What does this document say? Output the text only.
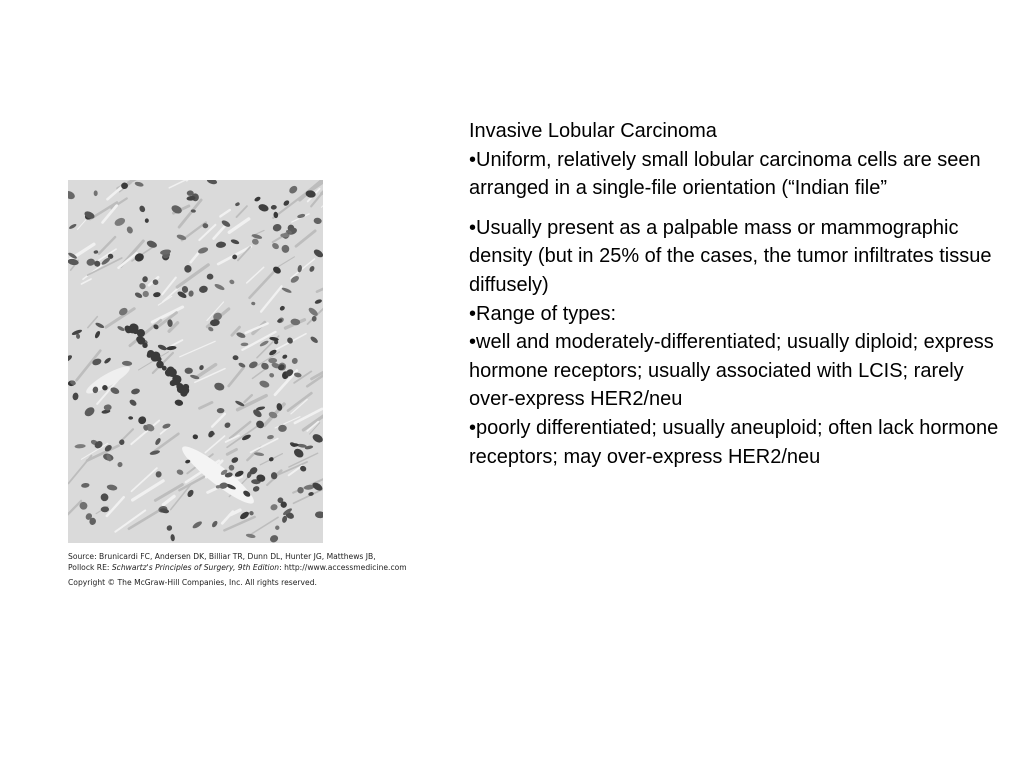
Source: Brunicardi FC, Andersen DK, Billiar TR, Dunn DL, Hunter JG, Matthews JB,
Pollock RE: Schwartz's Principles of Surgery, 9th Edition: http://www.accessmedicine.com
Copyright © The McGraw-Hill Companies, Inc. All rights reserved.
Invasive Lobular Carcinoma
•Uniform, relatively small lobular carcinoma cells are seen arranged in a single-file orientation (“Indian file”
•Usually present as a palpable mass or mammographic density (but in 25% of the cases, the tumor infiltrates tissue diffusely)
•Range of types:
•well and moderately-differentiated; usually diploid; express hormone receptors; usually associated with LCIS; rarely over-express HER2/neu
•poorly differentiated; usually aneuploid; often lack hormone receptors; may over-express HER2/neu
